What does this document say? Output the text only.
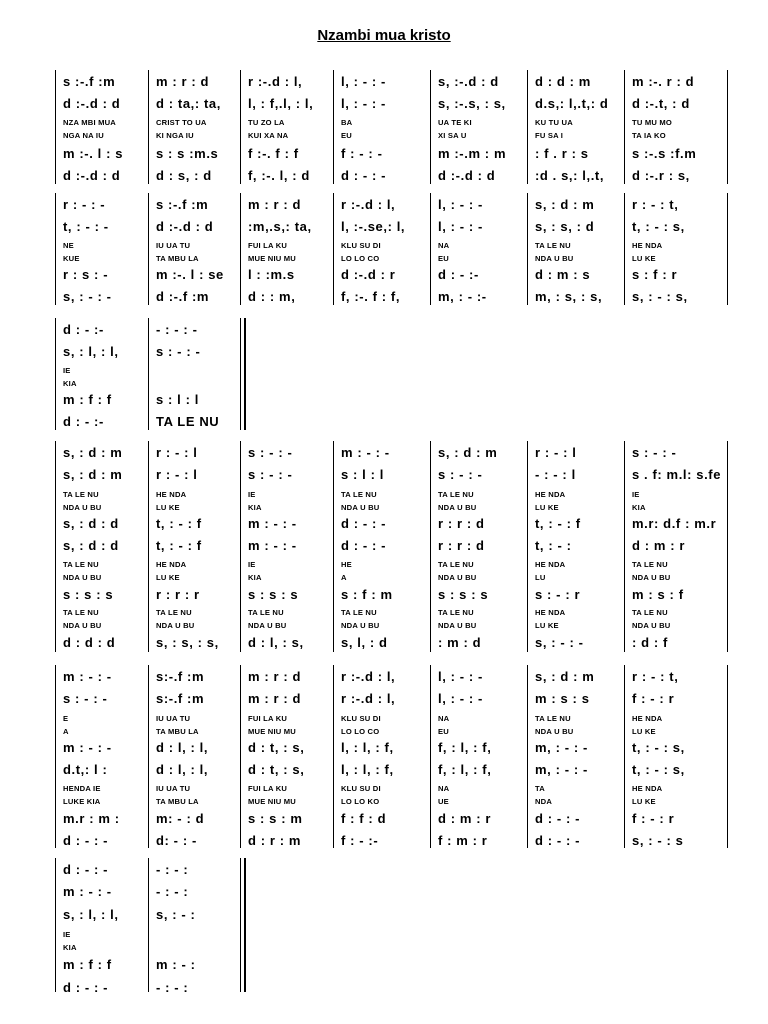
Nzambi mua kristo
s :-.f :m
d :-.d : d
NZA MBI MUA
NGA NA IU
m :-. l : s
d :-.d : d
m : r : d
d : ta,: ta,
CRIST TO UA
KI NGA IU
s : s :m.s
d : s, : d
r :-.d : l,
l, : f,.l, : l,
TU ZO LA
KUI XA NA
f :-. f : f
f, :-. l, : d
l, : - : -
l, : - : -
BA
EU
f : - : -
d : - : -
s, :-.d : d
s, :-.s, : s,
UA TE KI
XI SA U
m :-.m : m
d :-.d : d
d : d : m
d.s,: l,.t,: d
KU TU UA
FU SA I
: f . r : s
:d . s,: l,.t,
m :-. r : d
d :-.t, : d
TU MU MO
TA IA KO
s :-.s :f.m
d :-.r : s,
r : - : -
t, : - : -
NE
KUE
r : s : -
s, : - : -
s :-.f :m
d :-.d : d
IU UA TU
TA MBU LA
m :-. l : se
d :-.f :m
m : r : d
:m,.s,: ta,
FUI LA KU
MUE NIU MU
l : :m.s
d : : m,
r :-.d : l,
l, :-.se,: l,
KLU SU DI
LO LO CO
d :-.d : r
f, :-. f : f,
l, : - : -
l, : - : -
NA
EU
d : - :-
m, : - :-
s, : d : m
s, : s, : d
TA LE NU
NDA U BU
d : m : s
m, : s, : s,
r : - : t,
t, : - : s,
HE NDA
LU KE
s : f : r
s, : - : s,
d : - :-
s, : l, : l,
IE
KIA
m : f : f
d : - :-
- : - : -
s : - : -
s : l : l
TA LE NU
s, : d : m
s, : d : m
TA LE NU
NDA U BU
s, : d : d
s, : d : d
TA LE NU
NDA U BU
s : s : s
TA LE NU
NDA U BU
d : d : d
r : - : l
r : - : l
HE NDA
LU KE
t, : - : f
t, : - : f
HE NDA
LU KE
r : r : r
TA LE NU
NDA U BU
s, : s, : s,
s : - : -
s : - : -
IE
KIA
m : - : -
m : - : -
IE
KIA
s : s : s
TA LE NU
NDA U BU
d : l, : s,
m : - : -
s : l : l
TA LE NU
NDA U BU
d : - : -
d : - : -
HE
A
s : f : m
TA LE NU
NDA U BU
s, l, : d
s, : d : m
s : - : -
TA LE NU
NDA U BU
r : r : d
r : r : d
TA LE NU
NDA U BU
s : s : s
TA LE NU
NDA U BU
: m : d
r : - : l
- : - : l
HE NDA
LU KE
t, : - : f
t, : - :
HE NDA
LU
s : - : r
HE NDA
LU KE
s, : - : -
s : - : -
s . f: m.l: s.fe
IE
KIA
m.r: d.f : m.r
d : m : r
TA LE NU
NDA U BU
m : s : f
TA LE NU
NDA U BU
: d : f
m : - : -
s : - : -
E
A
m : - : -
d.t,: l :
HENDA IE
LUKE KIA
m.r : m :
d : - : -
s:-.f :m
s:-.f :m
IU UA TU
TA MBU LA
d : l, : l,
d : l, : l,
IU UA TU
TA MBU LA
m: - : d
d: - : -
m : r : d
m : r : d
FUI LA KU
MUE NIU MU
d : t, : s,
d : t, : s,
FUI LA KU
MUE NIU MU
s : s : m
d : r : m
r :-.d : l,
r :-.d : l,
KLU SU DI
LO LO CO
l, : l, : f,
l, : l, : f,
KLU SU DI
LO LO KO
f : f : d
f : - :-
l, : - : -
l, : - : -
NA
EU
f, : l, : f,
f, : l, : f,
NA
UE
d : m : r
f : m : r
s, : d : m
m : s : s
TA LE NU
NDA U BU
m, : - : -
m, : - : -
TA
NDA
d : - : -
d : - : -
r : - : t,
f : - : r
HE NDA
LU KE
t, : - : s,
t, : - : s,
HE NDA
LU KE
f : - : r
s, : - : s
d : - : -
m : - : -
s, : l, : l,
IE
KIA
m : f : f
d : - : -
- : - :
- : - :
s, : - :
m : - :
- : - :
